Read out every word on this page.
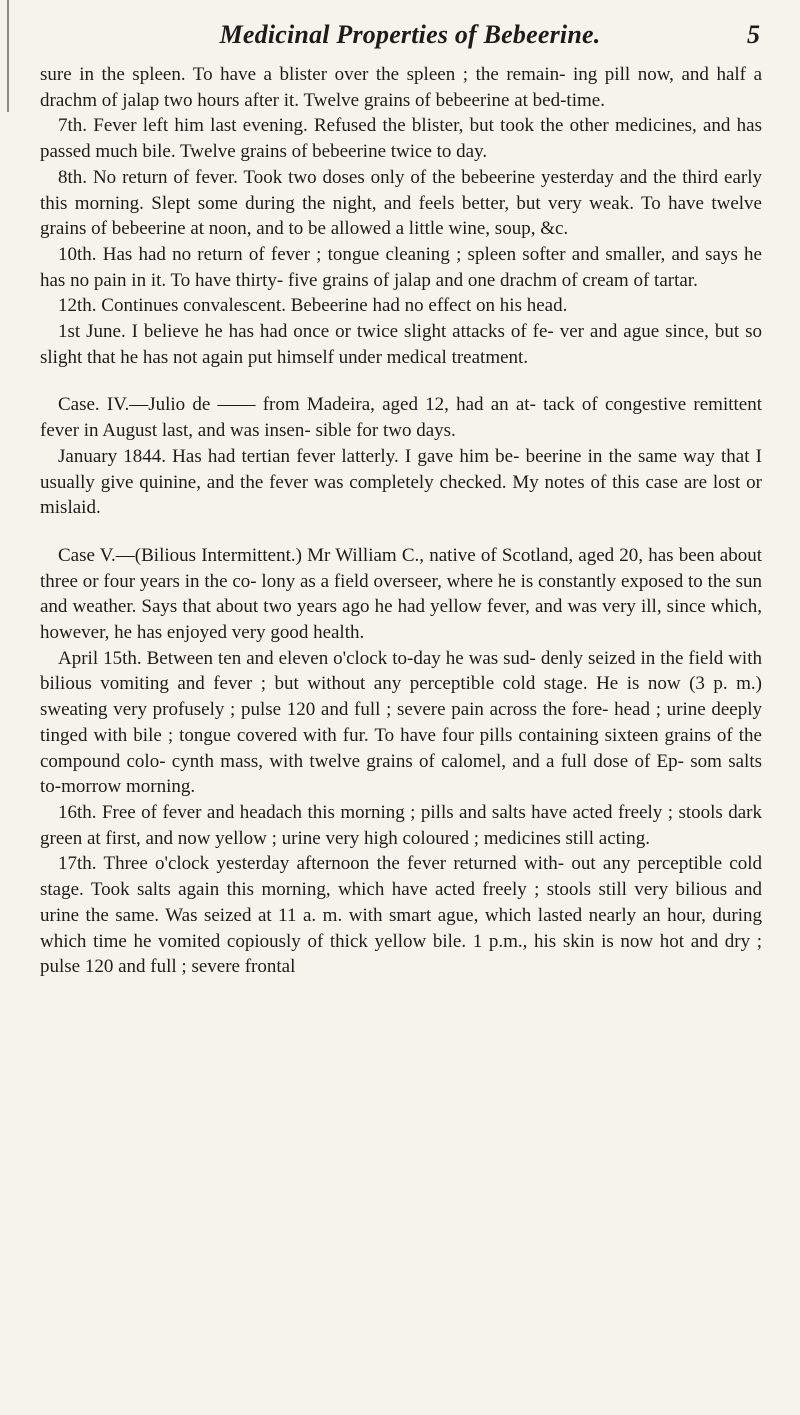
Medicinal Properties of Bebeerine.	5

sure in the spleen. To have a blister over the spleen ; the remain- ing pill now, and half a drachm of jalap two hours after it. Twelve grains of bebeerine at bed-time.

7th. Fever left him last evening. Refused the blister, but took the other medicines, and has passed much bile. Twelve grains of bebeerine twice to day.

8th. No return of fever. Took two doses only of the bebeerine yesterday and the third early this morning. Slept some during the night, and feels better, but very weak. To have twelve grains of bebeerine at noon, and to be allowed a little wine, soup, &c.

10th. Has had no return of fever ; tongue cleaning ; spleen softer and smaller, and says he has no pain in it. To have thirty- five grains of jalap and one drachm of cream of tartar.

12th. Continues convalescent. Bebeerine had no effect on his head.

1st June. I believe he has had once or twice slight attacks of fe- ver and ague since, but so slight that he has not again put himself under medical treatment.

Case. IV.—Julio de —— from Madeira, aged 12, had an at- tack of congestive remittent fever in August last, and was insen- sible for two days.

January 1844. Has had tertian fever latterly. I gave him be- beerine in the same way that I usually give quinine, and the fever was completely checked. My notes of this case are lost or mislaid.

Case V.—(Bilious Intermittent.) Mr William C., native of Scotland, aged 20, has been about three or four years in the co- lony as a field overseer, where he is constantly exposed to the sun and weather. Says that about two years ago he had yellow fever, and was very ill, since which, however, he has enjoyed very good health.

April 15th. Between ten and eleven o'clock to-day he was sud- denly seized in the field with bilious vomiting and fever ; but without any perceptible cold stage. He is now (3 p. m.) sweating very profusely ; pulse 120 and full ; severe pain across the fore- head ; urine deeply tinged with bile ; tongue covered with fur. To have four pills containing sixteen grains of the compound colo- cynth mass, with twelve grains of calomel, and a full dose of Ep- som salts to-morrow morning.

16th. Free of fever and headach this morning ; pills and salts have acted freely ; stools dark green at first, and now yellow ; urine very high coloured ; medicines still acting.

17th. Three o'clock yesterday afternoon the fever returned with- out any perceptible cold stage. Took salts again this morning, which have acted freely ; stools still very bilious and urine the same. Was seized at 11 a. m. with smart ague, which lasted nearly an hour, during which time he vomited copiously of thick yellow bile. 1 p.m., his skin is now hot and dry ; pulse 120 and full ; severe frontal
